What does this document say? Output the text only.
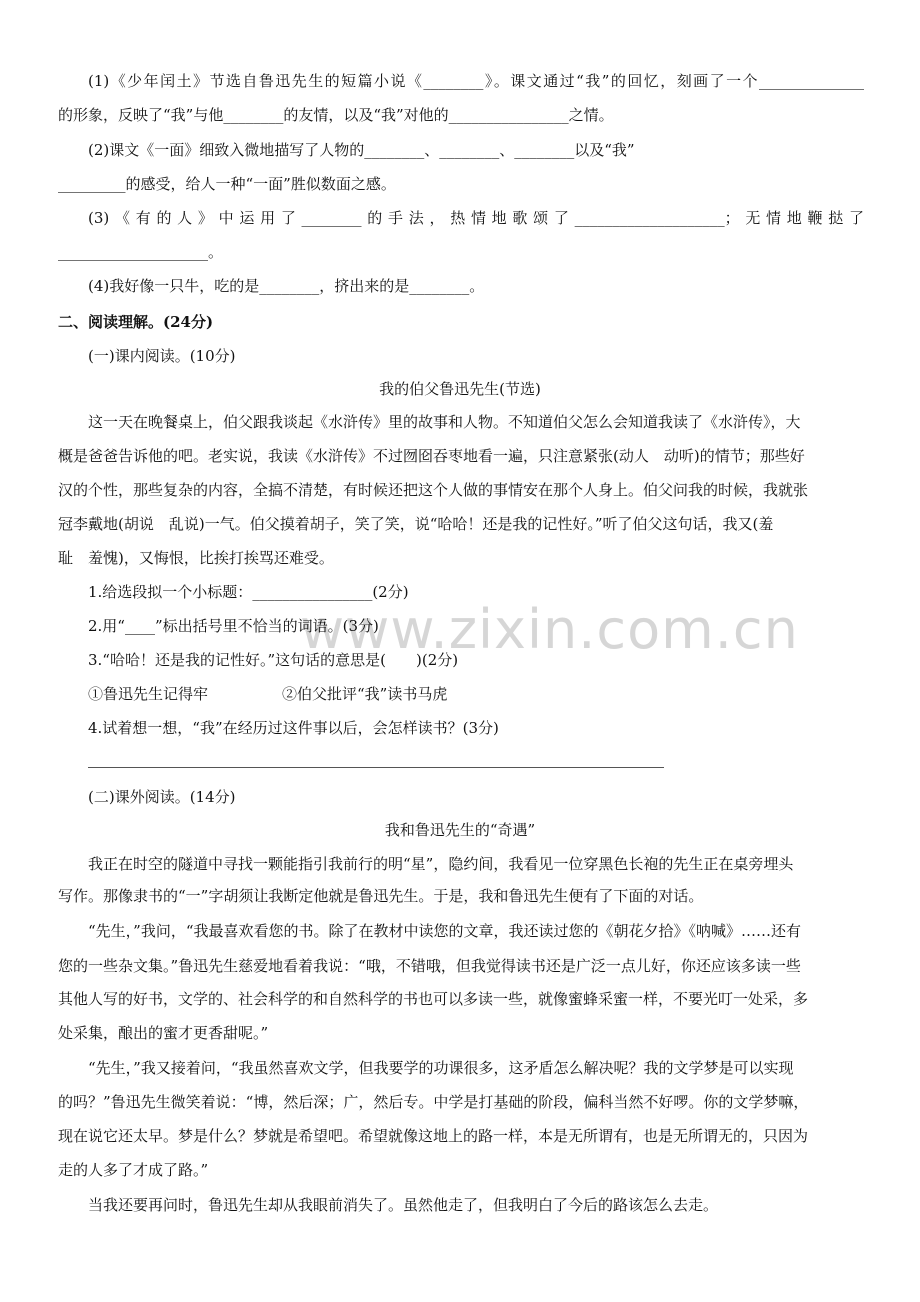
www.zixin.com.cn
(1)《少年闰土》节选自鲁迅先生的短篇小说《________》。课文通过“我”的回忆，刻画了一个______________
的形象，反映了“我”与他________的友情，以及“我”对他的________________之情。
(2)课文《一面》细致入微地描写了人物的________、________、________以及“我”
_________的感受，给人一种“一面”胜似数面之感。
(3)《有的人》中运用了________的手法，热情地歌颂了____________________；无情地鞭挞了
____________________。
(4)我好像一只牛，吃的是________，挤出来的是________。
二、阅读理解。(24分)
(一)课内阅读。(10分)
我的伯父鲁迅先生(节选)
这一天在晚餐桌上，伯父跟我谈起《水浒传》里的故事和人物。不知道伯父怎么会知道我读了《水浒传》，大
概是爸爸告诉他的吧。老实说，我读《水浒传》不过囫囵吞枣地看一遍，只注意紧张(动人　动听)的情节；那些好
汉的个性，那些复杂的内容，全搞不清楚，有时候还把这个人做的事情安在那个人身上。伯父问我的时候，我就张
冠李戴地(胡说　乱说)一气。伯父摸着胡子，笑了笑，说“哈哈！还是我的记性好。”听了伯父这句话，我又(羞
耻　羞愧)，又悔恨，比挨打挨骂还难受。
1.给选段拟一个小标题：________________(2分)
2.用“____”标出括号里不恰当的词语。(3分)
3.“哈哈！还是我的记性好。”这句话的意思是(　　)(2分)
①鲁迅先生记得牢	②伯父批评“我”读书马虎
4.试着想一想，“我”在经历过这件事以后，会怎样读书？(3分)
(二)课外阅读。(14分)
我和鲁迅先生的“奇遇”
我正在时空的隧道中寻找一颗能指引我前行的明“星”，隐约间，我看见一位穿黑色长袍的先生正在桌旁埋头
写作。那像隶书的“一”字胡须让我断定他就是鲁迅先生。于是，我和鲁迅先生便有了下面的对话。
“先生，”我问，“我最喜欢看您的书。除了在教材中读您的文章，我还读过您的《朝花夕拾》《呐喊》……还有
您的一些杂文集。”鲁迅先生慈爱地看着我说：“哦，不错哦，但我觉得读书还是广泛一点儿好，你还应该多读一些
其他人写的好书，文学的、社会科学的和自然科学的书也可以多读一些，就像蜜蜂采蜜一样，不要光叮一处采，多
处采集，酿出的蜜才更香甜呢。”
“先生，”我又接着问，“我虽然喜欢文学，但我要学的功课很多，这矛盾怎么解决呢？我的文学梦是可以实现
的吗？”鲁迅先生微笑着说：“博，然后深；广，然后专。中学是打基础的阶段，偏科当然不好啰。你的文学梦嘛，
现在说它还太早。梦是什么？梦就是希望吧。希望就像这地上的路一样，本是无所谓有，也是无所谓无的，只因为
走的人多了才成了路。”
当我还要再问时，鲁迅先生却从我眼前消失了。虽然他走了，但我明白了今后的路该怎么去走。
